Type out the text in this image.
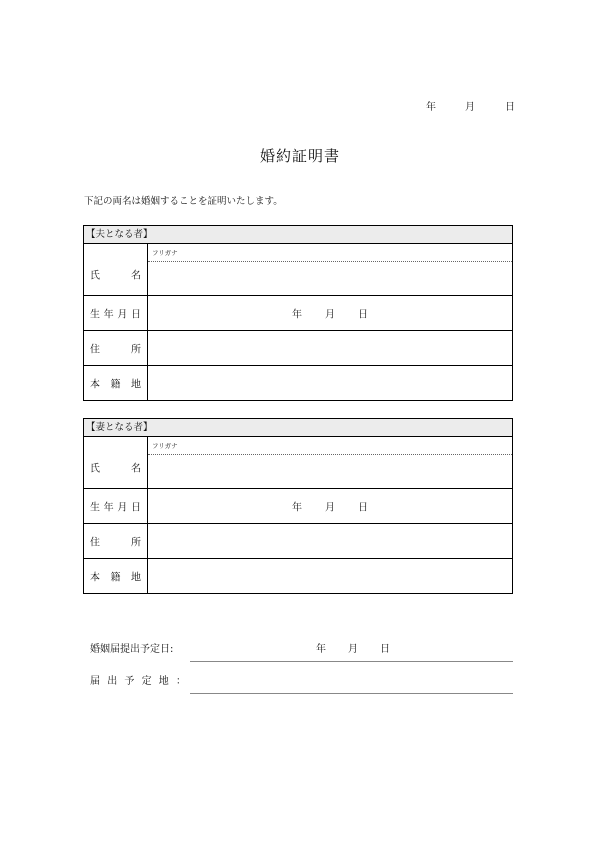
年	月	日
婚約証明書
下記の両名は婚姻することを証明いたします。
【夫となる者】
氏	名
フリガナ
生 年 月 日	年 月 日
住	所
本 籍 地
【妻となる者】
氏	名
フリガナ
生 年 月 日	年 月 日
住	所
本 籍 地
婚姻届提出予定日:	年 月 日
届 出 予 定 地 ：
